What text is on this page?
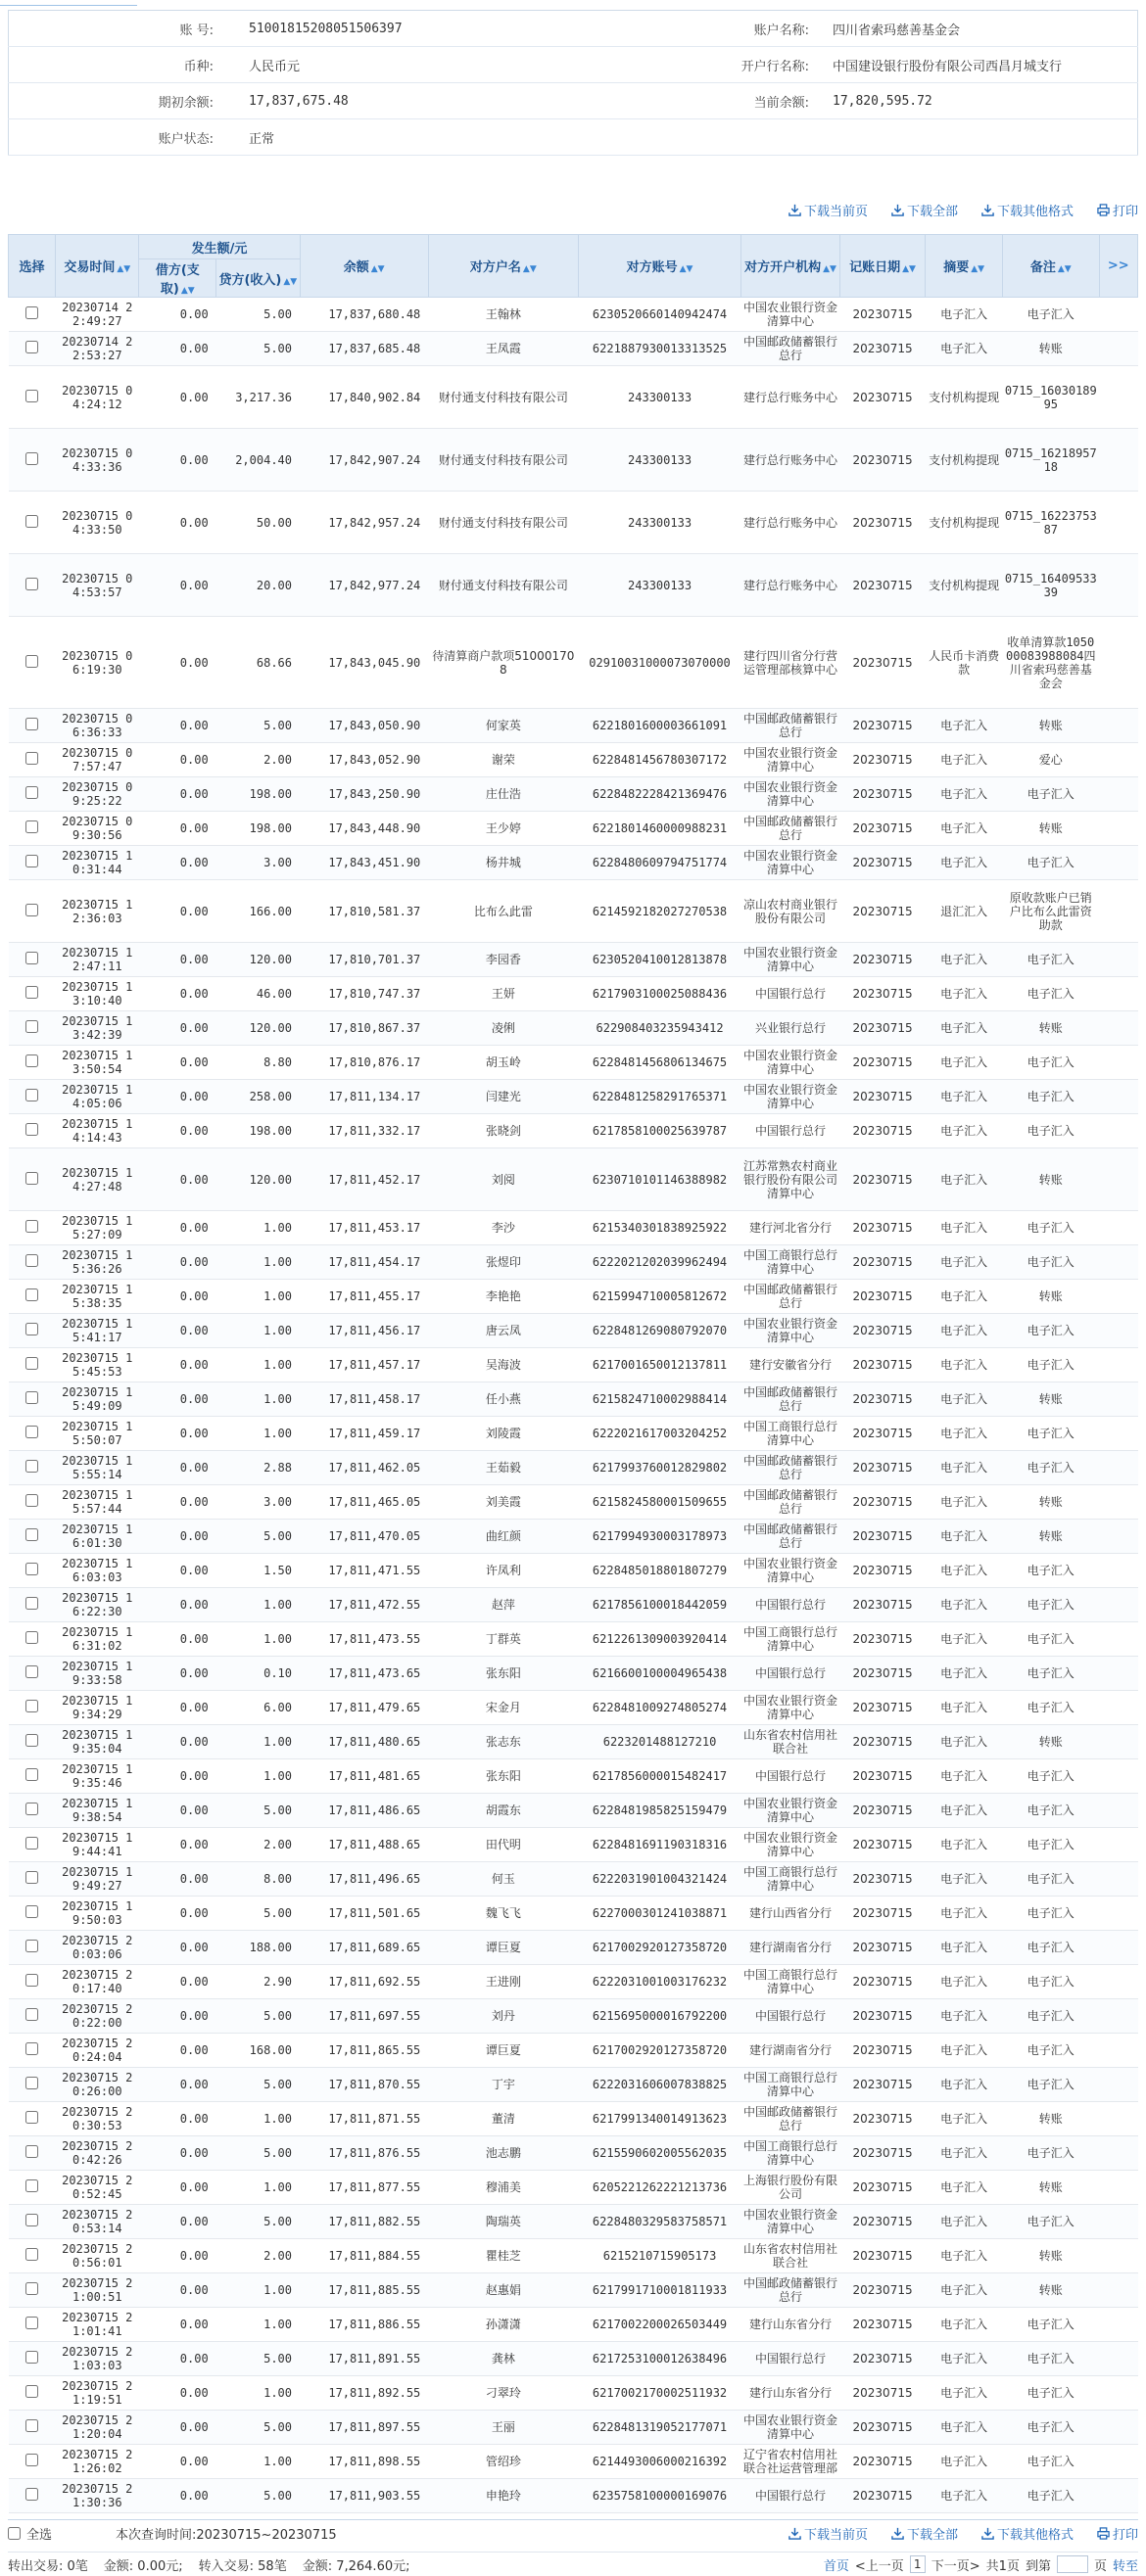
账 号:	51001815208051506397	账户名称:	四川省索玛慈善基金会
币种:	人民币元	开户行名称:	中国建设银行股份有限公司西昌月城支行
期初余额:	17,837,675.48	当前余额:	17,820,595.72
账户状态:	正常		
下载当前页	下载全部	下载其他格式	打印
选择	交易时间 ▲▼	发生额/元		余额 ▲▼	对方户名 ▲▼	对方账号 ▲▼	对方开户机构 ▲▼	记账日期 ▲▼	摘要 ▲▼	备注 ▲▼	>>
		借方(支取) ▲▼	贷方(收入) ▲▼								
	20230714 22:49:27	0.00	5.00	17,837,680.48	王翰林	6230520660140942474	中国农业银行资金清算中心	20230715	电子汇入	电子汇入	
	20230714 22:53:27	0.00	5.00	17,837,685.48	王凤霞	6221887930013313525	中国邮政储蓄银行总行	20230715	电子汇入	转账	
	20230715 04:24:12	0.00	3,217.36	17,840,902.84	财付通支付科技有限公司	243300133	建行总行账务中心	20230715	支付机构提现	0715_1603018995	
	20230715 04:33:36	0.00	2,004.40	17,842,907.24	财付通支付科技有限公司	243300133	建行总行账务中心	20230715	支付机构提现	0715_1621895718	
	20230715 04:33:50	0.00	50.00	17,842,957.24	财付通支付科技有限公司	243300133	建行总行账务中心	20230715	支付机构提现	0715_1622375387	
	20230715 04:53:57	0.00	20.00	17,842,977.24	财付通支付科技有限公司	243300133	建行总行账务中心	20230715	支付机构提现	0715_1640953339	
	20230715 06:19:30	0.00	68.66	17,843,045.90	待清算商户款项510001708	02910031000073070000	建行四川省分行营运管理部核算中心	20230715	人民币卡消费款	收单清算款105000083988084四川省索玛慈善基金会	
	20230715 06:36:33	0.00	5.00	17,843,050.90	何家英	6221801600003661091	中国邮政储蓄银行总行	20230715	电子汇入	转账	
	20230715 07:57:47	0.00	2.00	17,843,052.90	谢荣	6228481456780307172	中国农业银行资金清算中心	20230715	电子汇入	爱心	
	20230715 09:25:22	0.00	198.00	17,843,250.90	庄仕浩	6228482228421369476	中国农业银行资金清算中心	20230715	电子汇入	电子汇入	
	20230715 09:30:56	0.00	198.00	17,843,448.90	王少婷	6221801460000988231	中国邮政储蓄银行总行	20230715	电子汇入	转账	
	20230715 10:31:44	0.00	3.00	17,843,451.90	杨井城	6228480609794751774	中国农业银行资金清算中心	20230715	电子汇入	电子汇入	
	20230715 12:36:03	0.00	166.00	17,810,581.37	比布么此雷	6214592182027270538	凉山农村商业银行股份有限公司	20230715	退汇汇入	原收款账户已销户比布么此雷资助款	
	20230715 12:47:11	0.00	120.00	17,810,701.37	李园香	6230520410012813878	中国农业银行资金清算中心	20230715	电子汇入	电子汇入	
	20230715 13:10:40	0.00	46.00	17,810,747.37	王妍	6217903100025088436	中国银行总行	20230715	电子汇入	电子汇入	
	20230715 13:42:39	0.00	120.00	17,810,867.37	凌俐	622908403235943412	兴业银行总行	20230715	电子汇入	转账	
	20230715 13:50:54	0.00	8.80	17,810,876.17	胡玉岭	6228481456806134675	中国农业银行资金清算中心	20230715	电子汇入	电子汇入	
	20230715 14:05:06	0.00	258.00	17,811,134.17	闫建光	6228481258291765371	中国农业银行资金清算中心	20230715	电子汇入	电子汇入	
	20230715 14:14:43	0.00	198.00	17,811,332.17	张晓剑	6217858100025639787	中国银行总行	20230715	电子汇入	电子汇入	
	20230715 14:27:48	0.00	120.00	17,811,452.17	刘阅	6230710101146388982	江苏常熟农村商业银行股份有限公司清算中心	20230715	电子汇入	转账	
	20230715 15:27:09	0.00	1.00	17,811,453.17	李沙	6215340301838925922	建行河北省分行	20230715	电子汇入	电子汇入	
	20230715 15:36:26	0.00	1.00	17,811,454.17	张煜印	6222021202039962494	中国工商银行总行清算中心	20230715	电子汇入	电子汇入	
	20230715 15:38:35	0.00	1.00	17,811,455.17	李艳艳	6215994710005812672	中国邮政储蓄银行总行	20230715	电子汇入	转账	
	20230715 15:41:17	0.00	1.00	17,811,456.17	唐云凤	6228481269080792070	中国农业银行资金清算中心	20230715	电子汇入	电子汇入	
	20230715 15:45:53	0.00	1.00	17,811,457.17	吴海波	6217001650012137811	建行安徽省分行	20230715	电子汇入	电子汇入	
	20230715 15:49:09	0.00	1.00	17,811,458.17	任小燕	6215824710002988414	中国邮政储蓄银行总行	20230715	电子汇入	转账	
	20230715 15:50:07	0.00	1.00	17,811,459.17	刘陵霞	6222021617003204252	中国工商银行总行清算中心	20230715	电子汇入	电子汇入	
	20230715 15:55:14	0.00	2.88	17,811,462.05	王茹毅	6217993760012829802	中国邮政储蓄银行总行	20230715	电子汇入	电子汇入	
	20230715 15:57:44	0.00	3.00	17,811,465.05	刘美霞	6215824580001509655	中国邮政储蓄银行总行	20230715	电子汇入	转账	
	20230715 16:01:30	0.00	5.00	17,811,470.05	曲红颜	6217994930003178973	中国邮政储蓄银行总行	20230715	电子汇入	转账	
	20230715 16:03:03	0.00	1.50	17,811,471.55	许凤利	6228485018801807279	中国农业银行资金清算中心	20230715	电子汇入	电子汇入	
	20230715 16:22:30	0.00	1.00	17,811,472.55	赵萍	6217856100018442059	中国银行总行	20230715	电子汇入	电子汇入	
	20230715 16:31:02	0.00	1.00	17,811,473.55	丁群英	6212261309003920414	中国工商银行总行清算中心	20230715	电子汇入	电子汇入	
	20230715 19:33:58	0.00	0.10	17,811,473.65	张东阳	6216600100004965438	中国银行总行	20230715	电子汇入	电子汇入	
	20230715 19:34:29	0.00	6.00	17,811,479.65	宋金月	6228481009274805274	中国农业银行资金清算中心	20230715	电子汇入	电子汇入	
	20230715 19:35:04	0.00	1.00	17,811,480.65	张志东	6223201488127210	山东省农村信用社联合社	20230715	电子汇入	转账	
	20230715 19:35:46	0.00	1.00	17,811,481.65	张东阳	6217856000015482417	中国银行总行	20230715	电子汇入	电子汇入	
	20230715 19:38:54	0.00	5.00	17,811,486.65	胡霞东	6228481985825159479	中国农业银行资金清算中心	20230715	电子汇入	电子汇入	
	20230715 19:44:41	0.00	2.00	17,811,488.65	田代明	6228481691190318316	中国农业银行资金清算中心	20230715	电子汇入	电子汇入	
	20230715 19:49:27	0.00	8.00	17,811,496.65	何玉	6222031901004321424	中国工商银行总行清算中心	20230715	电子汇入	电子汇入	
	20230715 19:50:03	0.00	5.00	17,811,501.65	魏飞飞	6227000301241038871	建行山西省分行	20230715	电子汇入	电子汇入	
	20230715 20:03:06	0.00	188.00	17,811,689.65	谭巨夏	6217002920127358720	建行湖南省分行	20230715	电子汇入	电子汇入	
	20230715 20:17:40	0.00	2.90	17,811,692.55	王进刚	6222031001003176232	中国工商银行总行清算中心	20230715	电子汇入	电子汇入	
	20230715 20:22:00	0.00	5.00	17,811,697.55	刘丹	6215695000016792200	中国银行总行	20230715	电子汇入	电子汇入	
	20230715 20:24:04	0.00	168.00	17,811,865.55	谭巨夏	6217002920127358720	建行湖南省分行	20230715	电子汇入	电子汇入	
	20230715 20:26:00	0.00	5.00	17,811,870.55	丁宇	6222031606007838825	中国工商银行总行清算中心	20230715	电子汇入	电子汇入	
	20230715 20:30:53	0.00	1.00	17,811,871.55	董清	6217991340014913623	中国邮政储蓄银行总行	20230715	电子汇入	转账	
	20230715 20:42:26	0.00	5.00	17,811,876.55	池志鹏	6215590602005562035	中国工商银行总行清算中心	20230715	电子汇入	电子汇入	
	20230715 20:52:45	0.00	1.00	17,811,877.55	穆浦美	6205221262221213736	上海银行股份有限公司	20230715	电子汇入	转账	
	20230715 20:53:14	0.00	5.00	17,811,882.55	陶瑞英	6228480329583758571	中国农业银行资金清算中心	20230715	电子汇入	电子汇入	
	20230715 20:56:01	0.00	2.00	17,811,884.55	瞿桂芝	6215210715905173	山东省农村信用社联合社	20230715	电子汇入	转账	
	20230715 21:00:51	0.00	1.00	17,811,885.55	赵惠娟	6217991710001811933	中国邮政储蓄银行总行	20230715	电子汇入	转账	
	20230715 21:01:41	0.00	1.00	17,811,886.55	孙潇潇	6217002200026503449	建行山东省分行	20230715	电子汇入	电子汇入	
	20230715 21:03:03	0.00	5.00	17,811,891.55	龚林	6217253100012638496	中国银行总行	20230715	电子汇入	电子汇入	
	20230715 21:19:51	0.00	1.00	17,811,892.55	刁翠玲	6217002170002511932	建行山东省分行	20230715	电子汇入	电子汇入	
	20230715 21:20:04	0.00	5.00	17,811,897.55	王丽	6228481319052177071	中国农业银行资金清算中心	20230715	电子汇入	电子汇入	
	20230715 21:26:02	0.00	1.00	17,811,898.55	管绍珍	6214493006000216392	辽宁省农村信用社联合社运营管理部	20230715	电子汇入	电子汇入	
	20230715 21:30:36	0.00	5.00	17,811,903.55	申艳玲	6235758100000169076	中国银行总行	20230715	电子汇入	电子汇入	
全选	本次查询时间:20230715~20230715	下载当前页	下载全部	下载其他格式	打印
转出交易: 0笔 金额: 0.00元; 转入交易: 58笔 金额: 7,264.60元;	首页 <上一页 1 下一页> 共1页 到第	页 转至
